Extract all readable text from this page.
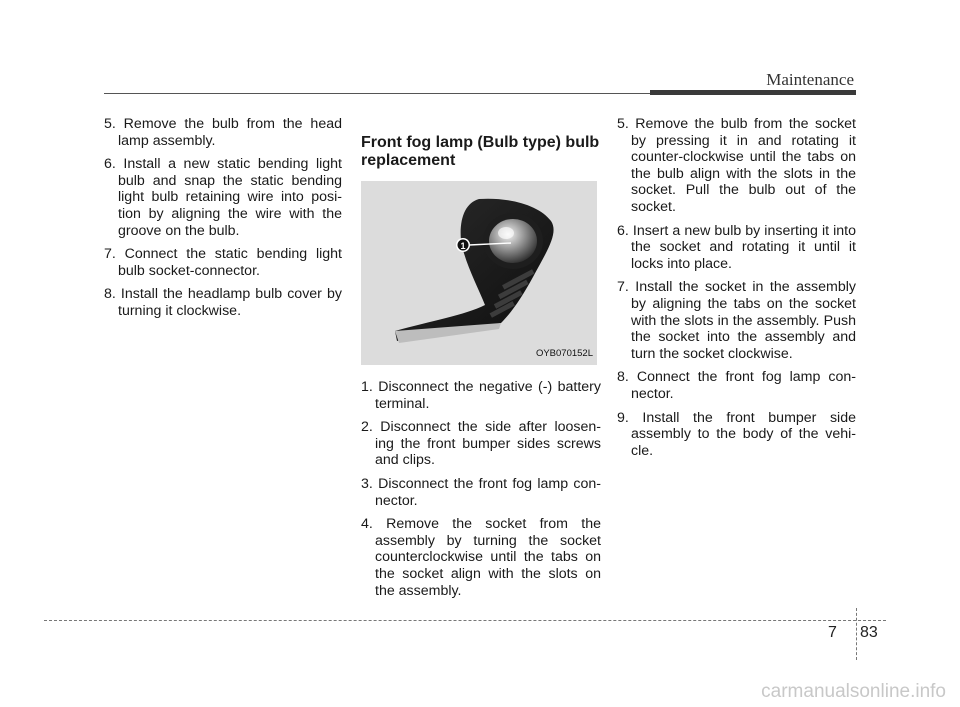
Maintenance
5. Remove the bulb from the head lamp assembly.
6. Install a new static bending light bulb and snap the static bending light bulb retaining wire into posi- tion by aligning the wire with the groove on the bulb.
7. Connect the static bending light bulb socket-connector.
8. Install the headlamp bulb cover by turning it clockwise.
Front fog lamp (Bulb type) bulb replacement
1
OYB070152L
1. Disconnect the negative (-) battery terminal.
2. Disconnect the side after loosen- ing the front bumper sides screws and clips.
3. Disconnect the front fog lamp con- nector.
4. Remove the socket from the assembly by turning the socket counterclockwise until the tabs on the socket align with the slots on the assembly.
5. Remove the bulb from the socket by pressing it in and rotating it counter-clockwise until the tabs on the bulb align with the slots in the socket. Pull the bulb out of the socket.
6. Insert a new bulb by inserting it into the socket and rotating it until it locks into place.
7. Install the socket in the assembly by aligning the tabs on the socket with the slots in the assembly. Push the socket into the assembly and turn the socket clockwise.
8. Connect the front fog lamp con- nector.
9. Install the front bumper side assembly to the body of the vehi- cle.
7 83
carmanualsonline.info
